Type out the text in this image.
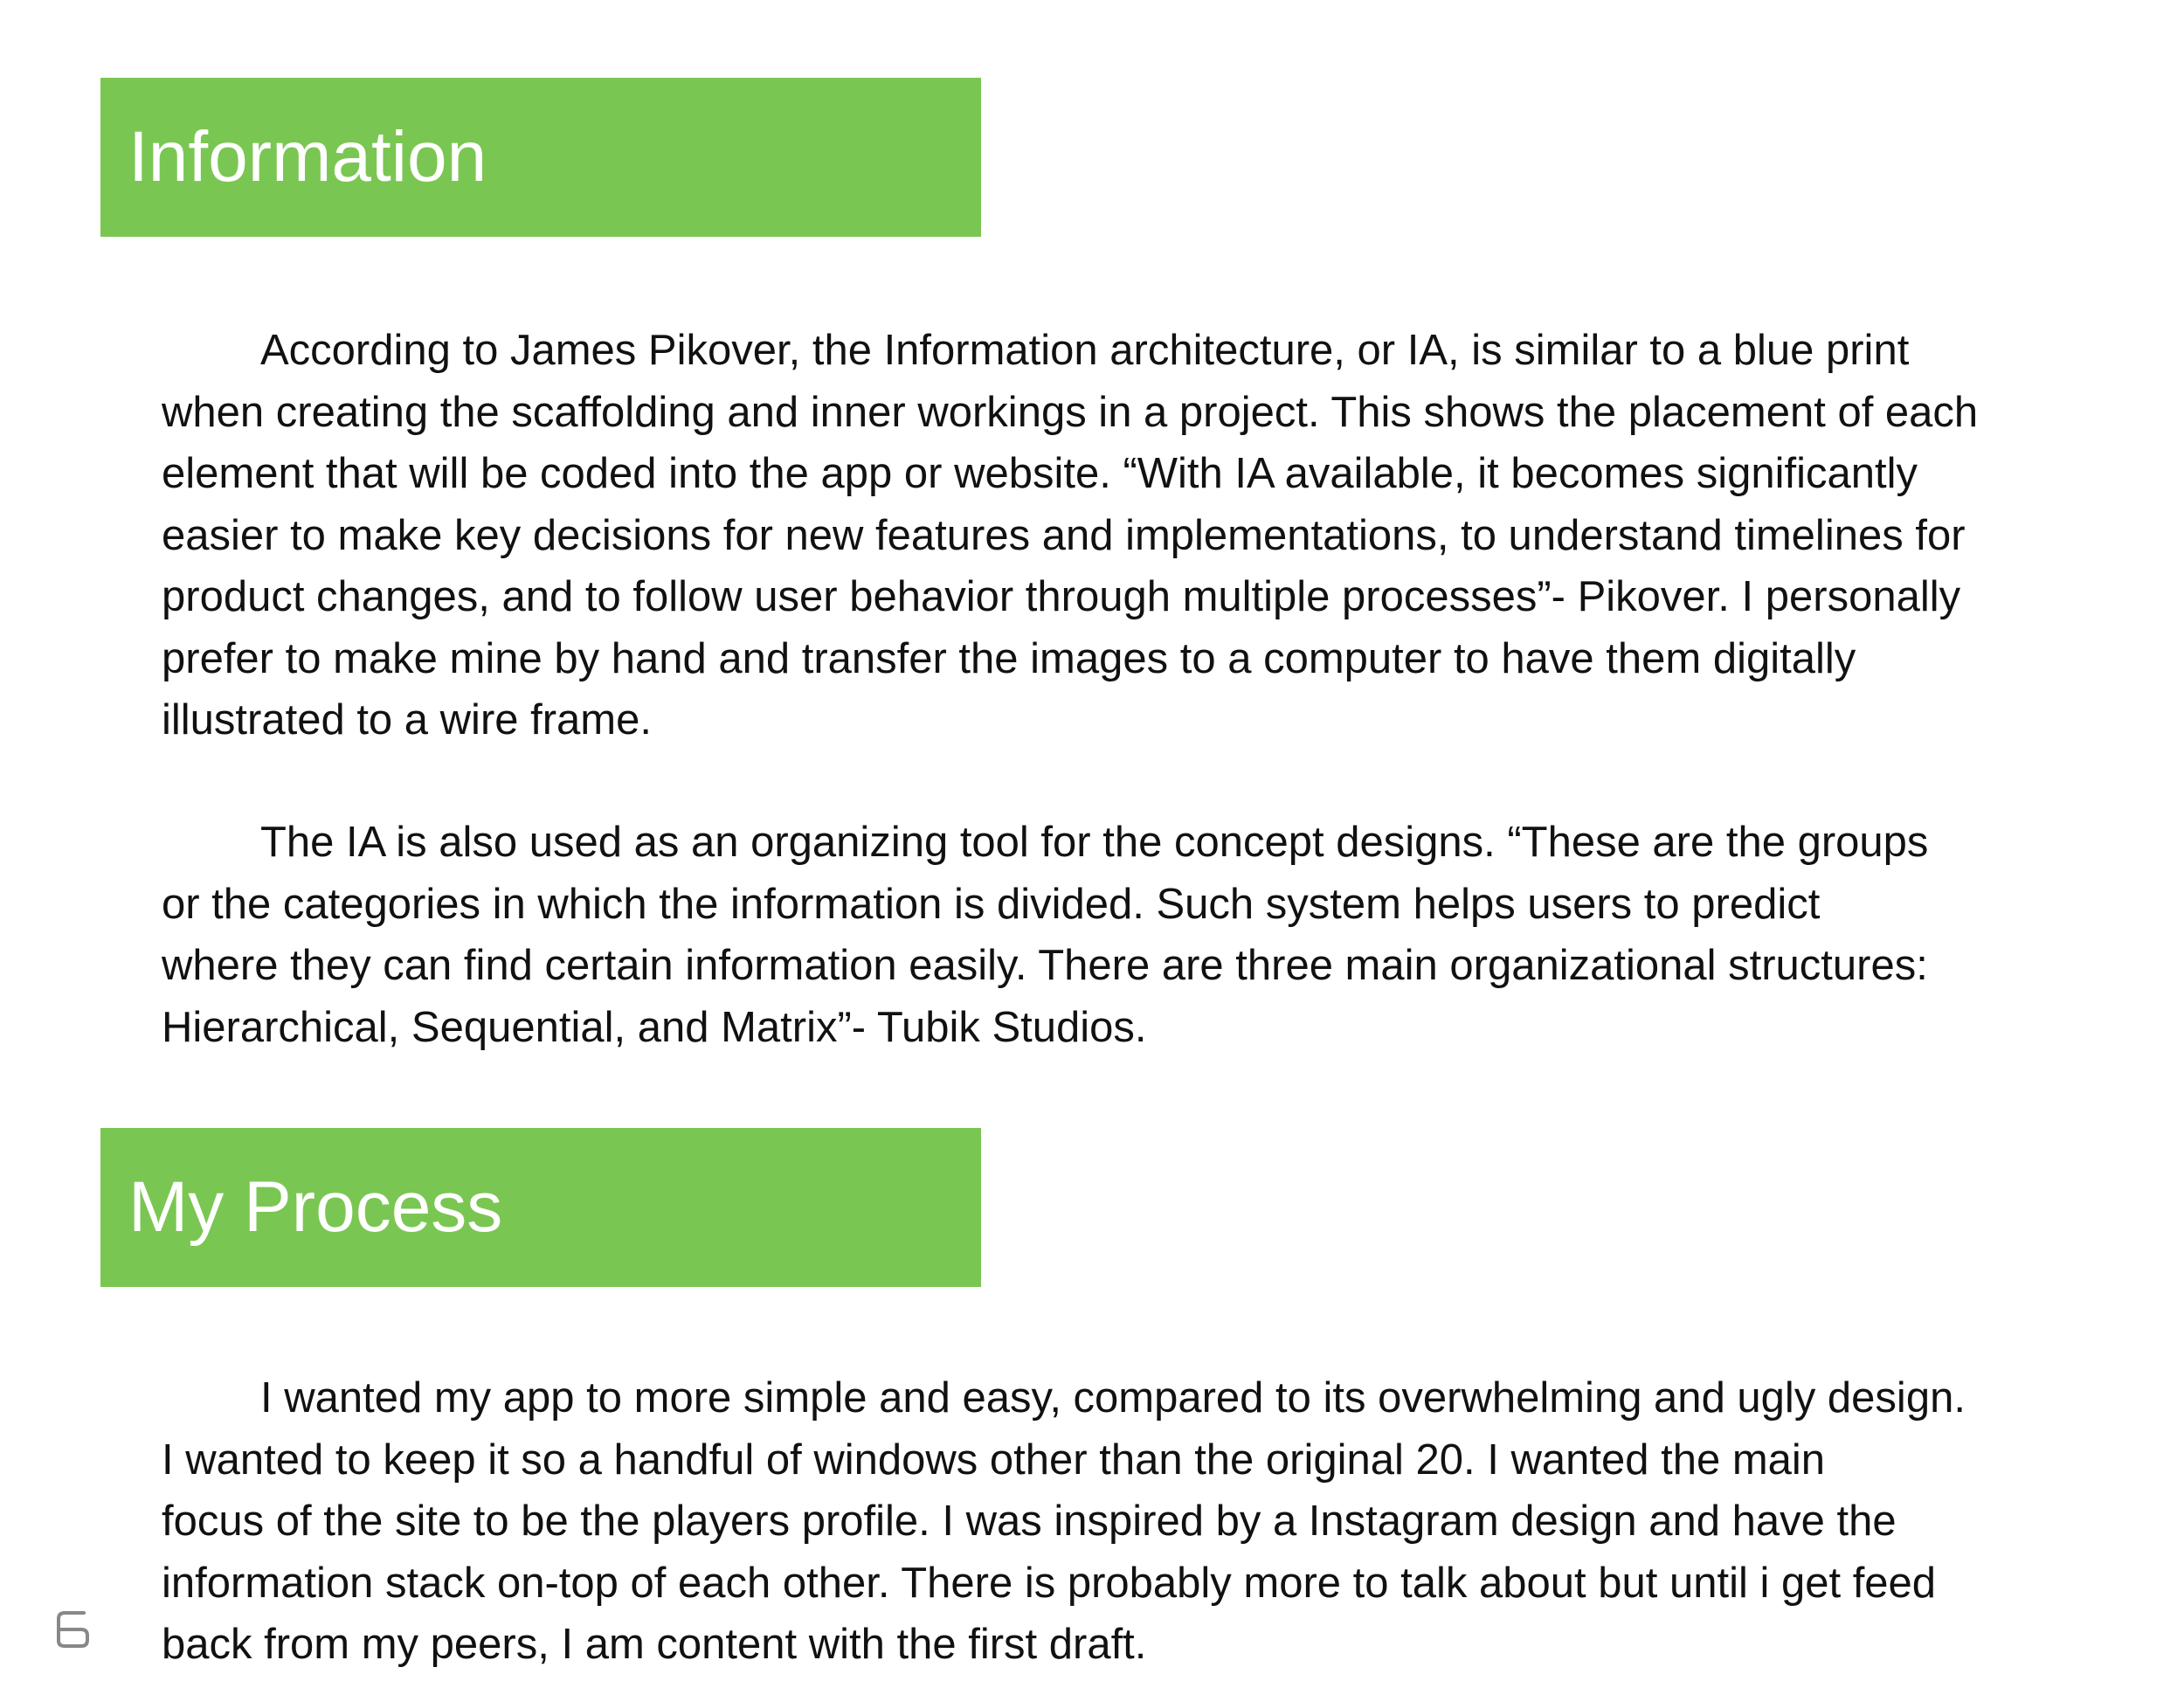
Information

According to James Pikover, the Information architecture, or IA, is similar to a blue print
when creating the scaffolding and inner workings in a project. This shows the placement of each
element that will be coded into the app or website. “With IA available, it becomes significantly
easier to make key decisions for new features and implementations, to understand timelines for
product changes, and to follow user behavior through multiple processes”- Pikover. I personally
prefer to make mine by hand and transfer the images to a computer to have them digitally
illustrated to a wire frame.

The IA is also used as an organizing tool for the concept designs. “These are the groups
or the categories in which the information is divided. Such system helps users to predict
where they can find certain information easily. There are three main organizational structures:
Hierarchical, Sequential, and Matrix”- Tubik Studios.

My Process

I wanted my app to more simple and easy, compared to its overwhelming and ugly design.
I wanted to keep it so a handful of windows other than the original 20. I wanted the main
focus of the site to be the players profile. I was inspired by a Instagram design and have the
information stack on-top of each other. There is probably more to talk about but until i get feed
back from my peers, I am content with the first draft.
